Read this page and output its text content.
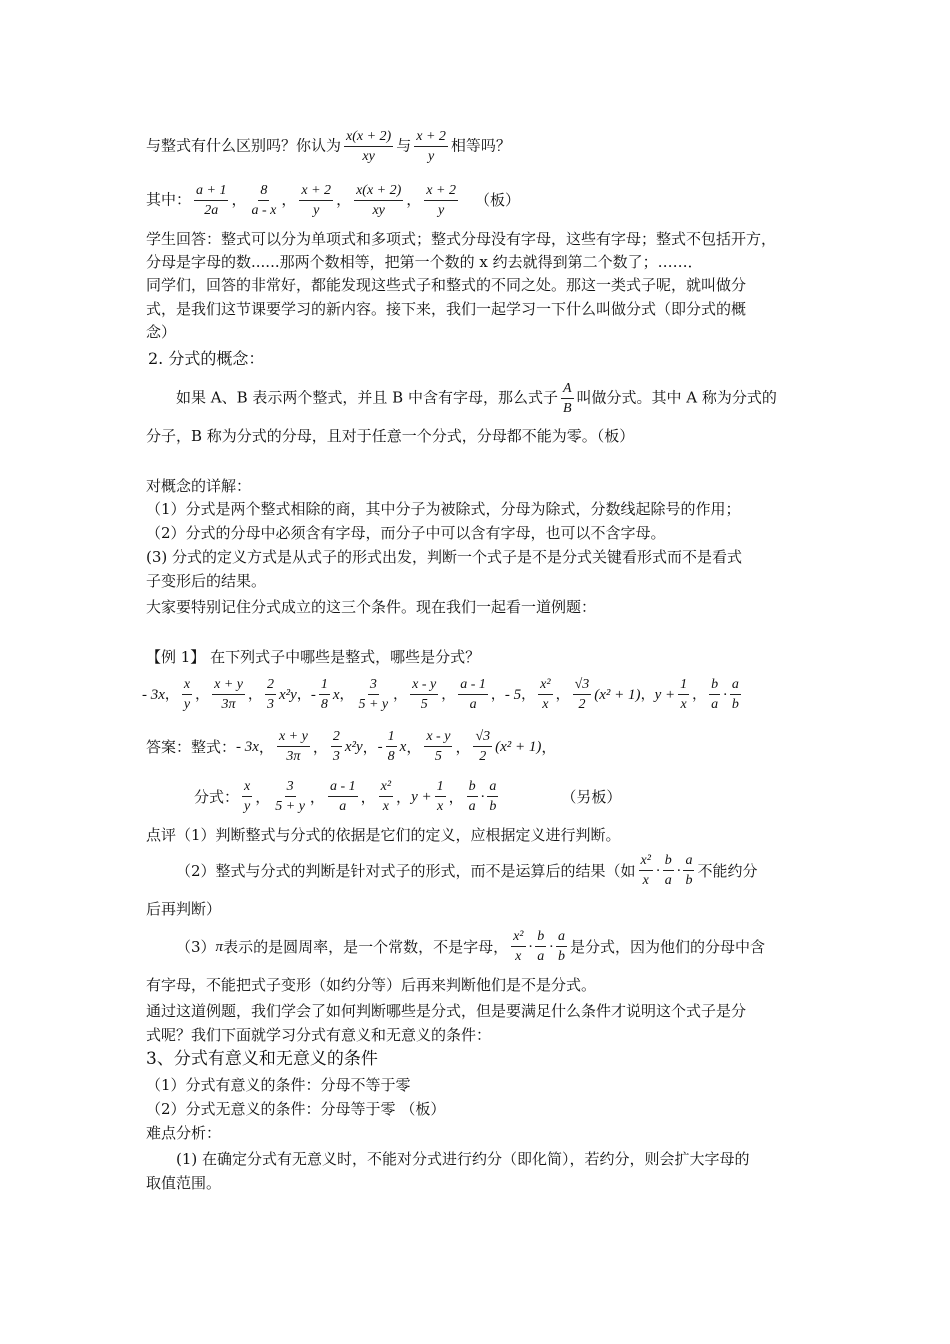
与整式有什么区别吗？你认为 $\frac{x(x + 2)}{xy}$ 与 $\frac{x + 2}{y}$ 相等吗？
其中： $\frac{a + 1}{2a}$ ， $\frac{8}{a - x}$ ， $\frac{x + 2}{y}$ ， $\frac{x(x + 2)}{xy}$ ， $\frac{x + 2}{y}$ （板）
学生回答：整式可以分为单项式和多项式；整式分母没有字母，这些有字母；整式不包括开方，
分母是字母的数......那两个数相等，把第一个数的 x 约去就得到第二个数了；……．
同学们，回答的非常好，都能发现这些式子和整式的不同之处。那这一类式子呢，就叫做分
式，是我们这节课要学习的新内容。接下来，我们一起学习一下什么叫做分式（即分式的概
念）
2. 分式的概念：
如果 A、B 表示两个整式，并且 B 中含有字母，那么式子 $\frac{A}{B}$ 叫做分式。其中 A 称为分式的
分子，B 称为分式的分母，且对于任意一个分式，分母都不能为零。（板）
对概念的详解：
（1）分式是两个整式相除的商，其中分子为被除式，分母为除式，分数线起除号的作用；
（2）分式的分母中必须含有字母，而分子中可以含有字母，也可以不含字母。
(3) 分式的定义方式是从式子的形式出发，判断一个式子是不是分式关键看形式而不是看式
子变形后的结果。
大家要特别记住分式成立的这三个条件。现在我们一起看一道例题：
【例 1】 在下列式子中哪些是整式，哪些是分式？
- 3x ， $\frac{x}{y}$ ， $\frac{x + y}{3\pi}$ ， $\frac{2}{3} x^2y$ ， - $\frac{1}{8}$ x ， $\frac{3}{5 + y}$ ， $\frac{x - y}{5}$ ， $\frac{a - 1}{a}$ ， - 5 ， $\frac{\text{x²}}{x}$ ， $\frac{√3}{2} (x^2 + 1)$ ， $y + \frac{1}{x}$ ， $\frac{b}{a} \cdot \frac{a}{b}$
答案：整式： - 3x ， $\frac{x + y}{3\pi}$ ， $\frac{2}{3} x^2y$ ， - $\frac{1}{8}$ x ， $\frac{x - y}{5}$ ， $\frac{√3}{2} (x^2 + 1)$ ，
分式： $\frac{x}{y}$ ， $\frac{3}{5 + y}$ ， $\frac{a - 1}{a}$ ， $\frac{\text{x²}}{x}$ ， $y + \frac{1}{x}$ ， $\frac{b}{a} \cdot \frac{a}{b}$	（另板）
点评（1）判断整式与分式的依据是它们的定义，应根据定义进行判断。
（2）整式与分式的判断是针对式子的形式，而不是运算后的结果（如 $\frac{\text{x²}}{x} \cdot \frac{b}{a} \cdot \frac{a}{b}$ 不能约分
后再判断）
（3） π 表示的是圆周率，是一个常数，不是字母， $\frac{\text{x²}}{x} \cdot \frac{b}{a} \cdot \frac{a}{b}$ 是分式，因为他们的分母中含
有字母，不能把式子变形（如约分等）后再来判断他们是不是分式。
通过这道例题，我们学会了如何判断哪些是分式，但是要满足什么条件才说明这个式子是分
式呢？我们下面就学习分式有意义和无意义的条件：
3、分式有意义和无意义的条件
（1）分式有意义的条件：分母不等于零
（2）分式无意义的条件：分母等于零 （板）
难点分析：
(1) 在确定分式有无意义时，不能对分式进行约分（即化简），若约分，则会扩大字母的
取值范围。
